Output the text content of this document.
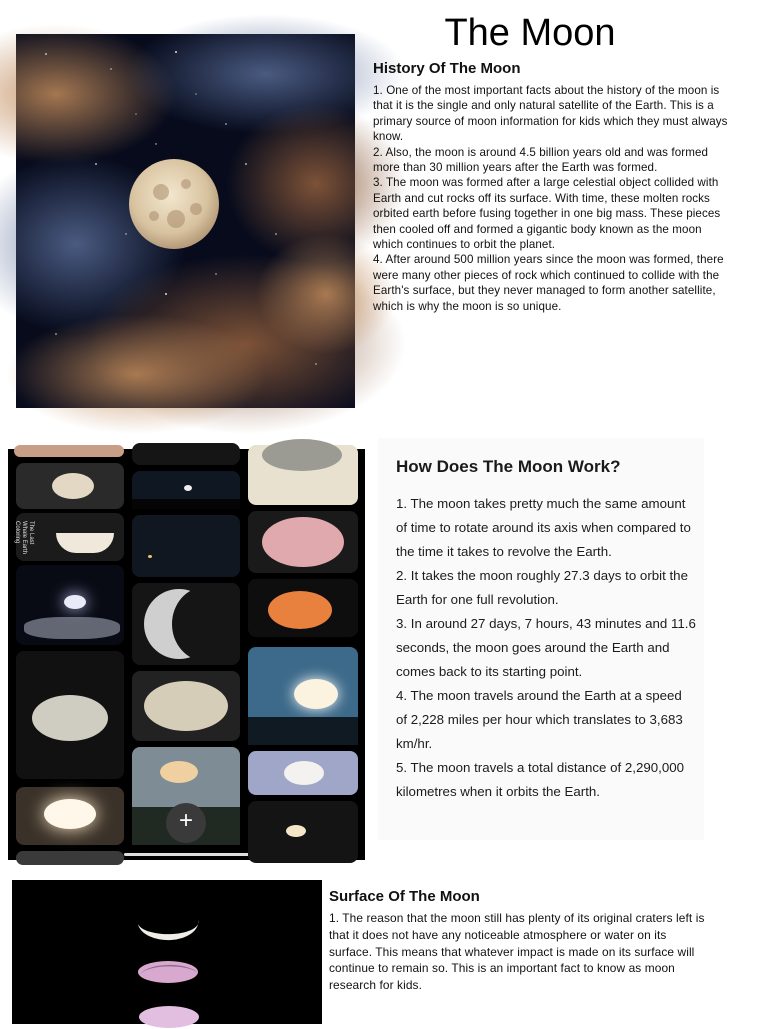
The Moon
History Of The Moon

1. One of the most important facts about the history of the moon is that it is the single and only natural satellite of the Earth. This is a primary source of moon information for kids which they must always know.

2. Also, the moon is around 4.5 billion years old and was formed more than 30 million years after the Earth was formed.

3. The moon was formed after a large celestial object collided with Earth and cut rocks off its surface. With time, these molten rocks orbited earth before fusing together in one big mass. These pieces then cooled off and formed a gigantic body known as the moon which continues to orbit the planet.

4. After around 500 million years since the moon was formed, there were many other pieces of rock which continued to collide with the Earth's surface, but they never managed to form another satellite, which is why the moon is so unique.

The Last Whale Earth Coloring
+
How Does The Moon Work?

1. The moon takes pretty much the same amount of time to rotate around its axis when compared to the time it takes to revolve the Earth.

2. It takes the moon roughly 27.3 days to orbit the Earth for one full revolution.

3. In around 27 days, 7 hours, 43 minutes and 11.6 seconds, the moon goes around the Earth and comes back to its starting point.

4. The moon travels around the Earth at a speed of 2,228 miles per hour which translates to 3,683 km/hr.

5. The moon travels a total distance of 2,290,000 kilometres when it orbits the Earth.

Surface Of The Moon

1. The reason that the moon still has plenty of its original craters left is that it does not have any noticeable atmosphere or water on its surface. This means that whatever impact is made on its surface will continue to remain so. This is an important fact to know as moon research for kids.
